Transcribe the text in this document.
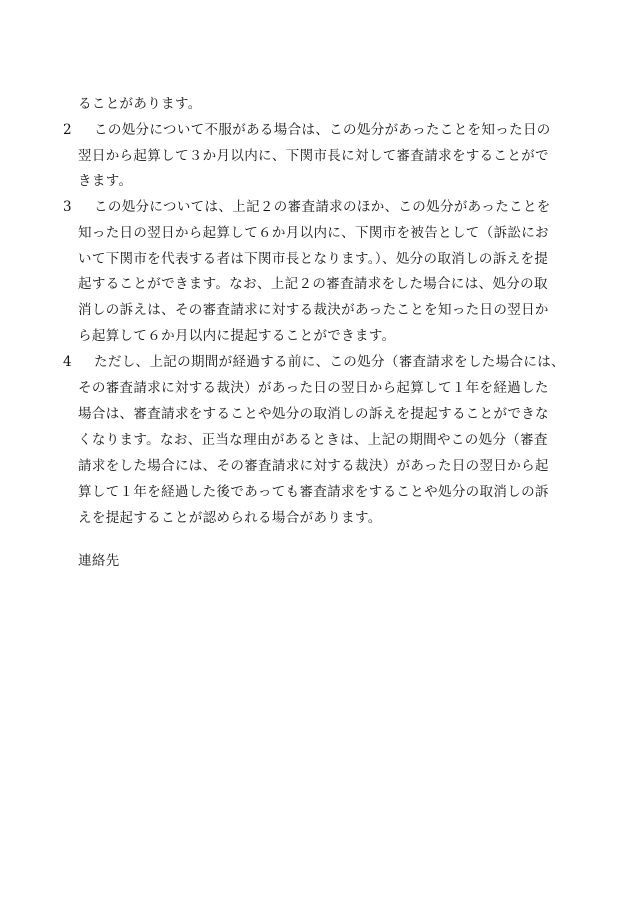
ることがあります。
2 この処分について不服がある場合は、この処分があったことを知った日の
翌日から起算して３か月以内に、下関市長に対して審査請求をすることがで
きます。
3 この処分については、上記２の審査請求のほか、この処分があったことを
知った日の翌日から起算して６か月以内に、下関市を被告として（訴訟にお
いて下関市を代表する者は下関市長となります。）、処分の取消しの訴えを提
起することができます。なお、上記２の審査請求をした場合には、処分の取
消しの訴えは、その審査請求に対する裁決があったことを知った日の翌日か
ら起算して６か月以内に提起することができます。
4 ただし、上記の期間が経過する前に、この処分（審査請求をした場合には、
その審査請求に対する裁決）があった日の翌日から起算して１年を経過した
場合は、審査請求をすることや処分の取消しの訴えを提起することができな
くなります。なお、正当な理由があるときは、上記の期間やこの処分（審査
請求をした場合には、その審査請求に対する裁決）があった日の翌日から起
算して１年を経過した後であっても審査請求をすることや処分の取消しの訴
えを提起することが認められる場合があります。
連絡先
